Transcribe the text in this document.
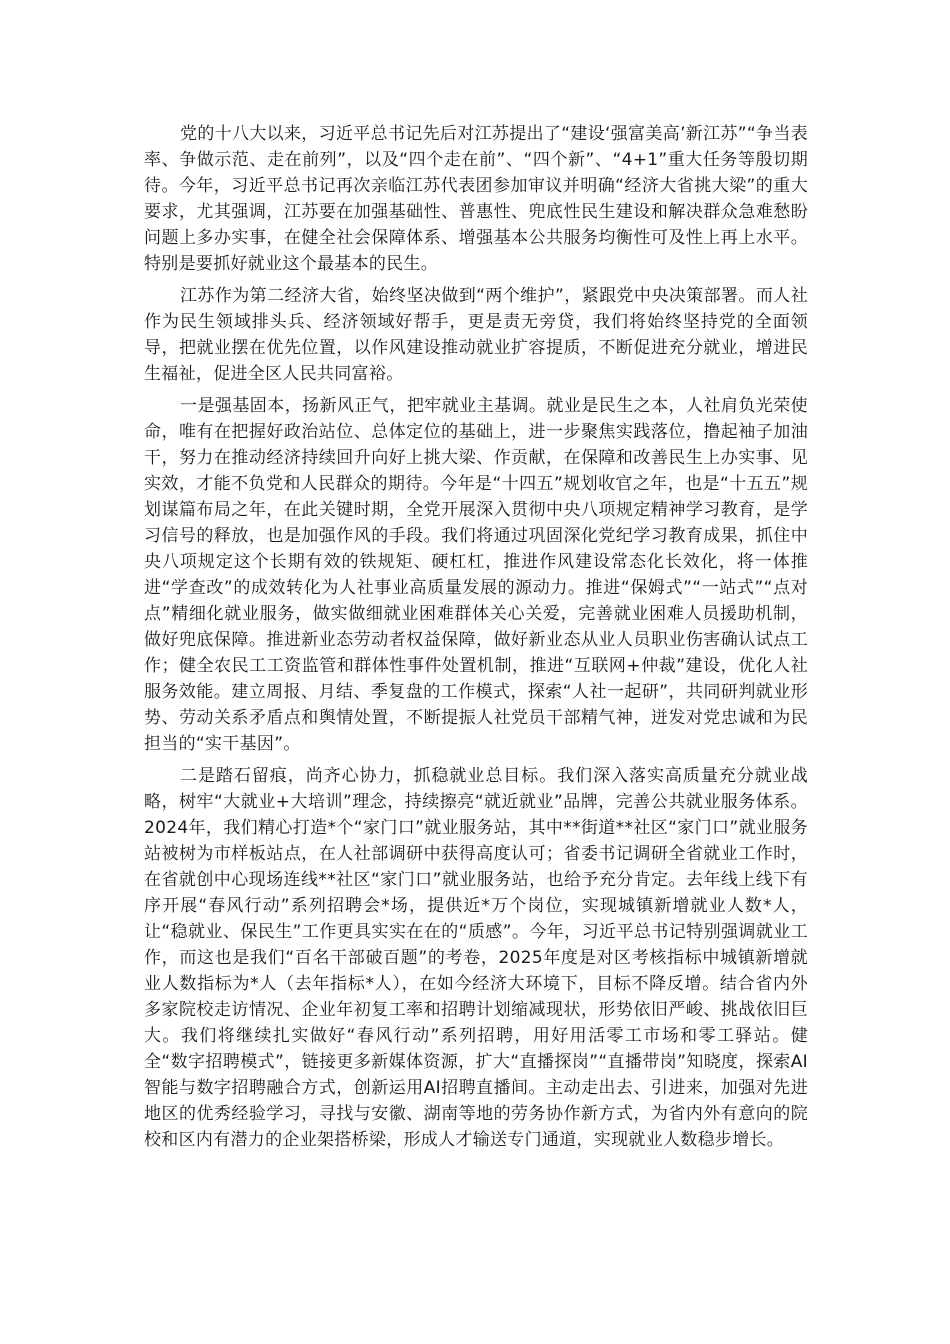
党的十八大以来，习近平总书记先后对江苏提出了“建设‘强富美高’新江苏”“争当表率、争做示范、走在前列”，以及“四个走在前”、“四个新”、“4+1”重大任务等殷切期待。今年，习近平总书记再次亲临江苏代表团参加审议并明确“经济大省挑大梁”的重大要求，尤其强调，江苏要在加强基础性、普惠性、兜底性民生建设和解决群众急难愁盼问题上多办实事，在健全社会保障体系、增强基本公共服务均衡性可及性上再上水平。特别是要抓好就业这个最基本的民生。

江苏作为第二经济大省，始终坚决做到“两个维护”，紧跟党中央决策部署。而人社作为民生领域排头兵、经济领域好帮手，更是责无旁贷，我们将始终坚持党的全面领导，把就业摆在优先位置，以作风建设推动就业扩容提质，不断促进充分就业，增进民生福祉，促进全区人民共同富裕。

一是强基固本，扬新风正气，把牢就业主基调。就业是民生之本，人社肩负光荣使命，唯有在把握好政治站位、总体定位的基础上，进一步聚焦实践落位，撸起袖子加油干，努力在推动经济持续回升向好上挑大梁、作贡献，在保障和改善民生上办实事、见实效，才能不负党和人民群众的期待。今年是“十四五”规划收官之年，也是“十五五”规划谋篇布局之年，在此关键时期，全党开展深入贯彻中央八项规定精神学习教育，是学习信号的释放，也是加强作风的手段。我们将通过巩固深化党纪学习教育成果，抓住中央八项规定这个长期有效的铁规矩、硬杠杠，推进作风建设常态化长效化，将一体推进“学查改”的成效转化为人社事业高质量发展的源动力。推进“保姆式”“一站式”“点对点”精细化就业服务，做实做细就业困难群体关心关爱，完善就业困难人员援助机制，做好兜底保障。推进新业态劳动者权益保障，做好新业态从业人员职业伤害确认试点工作；健全农民工工资监管和群体性事件处置机制，推进“互联网+仲裁”建设，优化人社服务效能。建立周报、月结、季复盘的工作模式，探索“人社一起研”，共同研判就业形势、劳动关系矛盾点和舆情处置，不断提振人社党员干部精气神，迸发对党忠诚和为民担当的“实干基因”。

二是踏石留痕，尚齐心协力，抓稳就业总目标。我们深入落实高质量充分就业战略，树牢“大就业+大培训”理念，持续擦亮“就近就业”品牌，完善公共就业服务体系。2024年，我们精心打造*个“家门口”就业服务站，其中**街道**社区“家门口”就业服务站被树为市样板站点，在人社部调研中获得高度认可；省委书记调研全省就业工作时，在省就创中心现场连线**社区“家门口”就业服务站，也给予充分肯定。去年线上线下有序开展“春风行动”系列招聘会*场，提供近*万个岗位，实现城镇新增就业人数*人，让“稳就业、保民生”工作更具实实在在的“质感”。今年，习近平总书记特别强调就业工作，而这也是我们“百名干部破百题”的考卷，2025年度是对区考核指标中城镇新增就业人数指标为*人（去年指标*人），在如今经济大环境下，目标不降反增。结合省内外多家院校走访情况、企业年初复工率和招聘计划缩减现状，形势依旧严峻、挑战依旧巨大。我们将继续扎实做好“春风行动”系列招聘，用好用活零工市场和零工驿站。健全“数字招聘模式”，链接更多新媒体资源，扩大“直播探岗”“直播带岗”知晓度，探索AI智能与数字招聘融合方式，创新运用AI招聘直播间。主动走出去、引进来，加强对先进地区的优秀经验学习，寻找与安徽、湖南等地的劳务协作新方式，为省内外有意向的院校和区内有潜力的企业架搭桥梁，形成人才输送专门通道，实现就业人数稳步增长。
